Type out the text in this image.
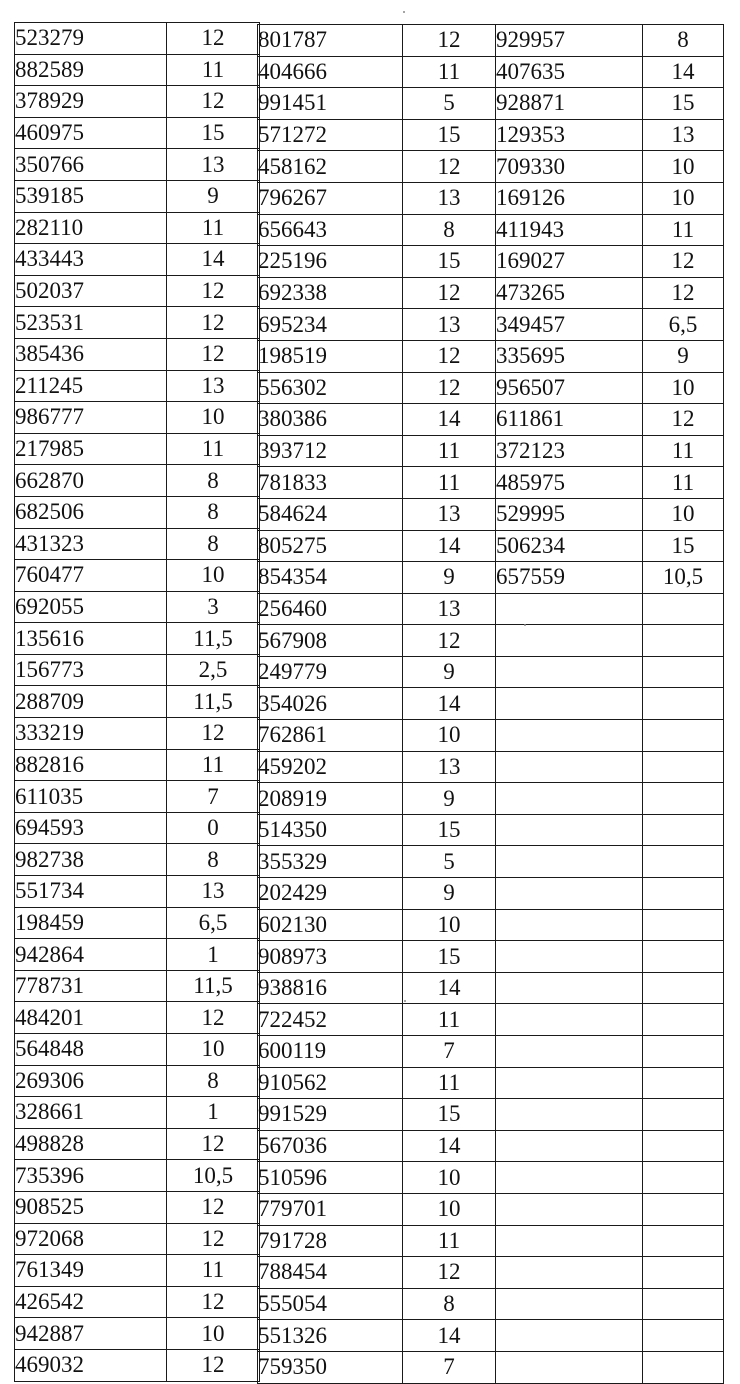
523279	12
882589	11
378929	12
460975	15
350766	13
539185	9
282110	11
433443	14
502037	12
523531	12
385436	12
211245	13
986777	10
217985	11
662870	8
682506	8
431323	8
760477	10
692055	3
135616	11,5
156773	2,5
288709	11,5
333219	12
882816	11
611035	7
694593	0
982738	8
551734	13
198459	6,5
942864	1
778731	11,5
484201	12
564848	10
269306	8
328661	1
498828	12
735396	10,5
908525	12
972068	12
761349	11
426542	12
942887	10
469032	12
801787	12
404666	11
991451	5
571272	15
458162	12
796267	13
656643	8
225196	15
692338	12
695234	13
198519	12
556302	12
380386	14
393712	11
781833	11
584624	13
805275	14
854354	9
256460	13
567908	12
249779	9
354026	14
762861	10
459202	13
208919	9
514350	15
355329	5
202429	9
602130	10
908973	15
938816	14
722452	11
600119	7
910562	11
991529	15
567036	14
510596	10
779701	10
791728	11
788454	12
555054	8
551326	14
759350	7
929957	8
407635	14
928871	15
129353	13
709330	10
169126	10
411943	11
169027	12
473265	12
349457	6,5
335695	9
956507	10
611861	12
372123	11
485975	11
529995	10
506234	15
657559	10,5
